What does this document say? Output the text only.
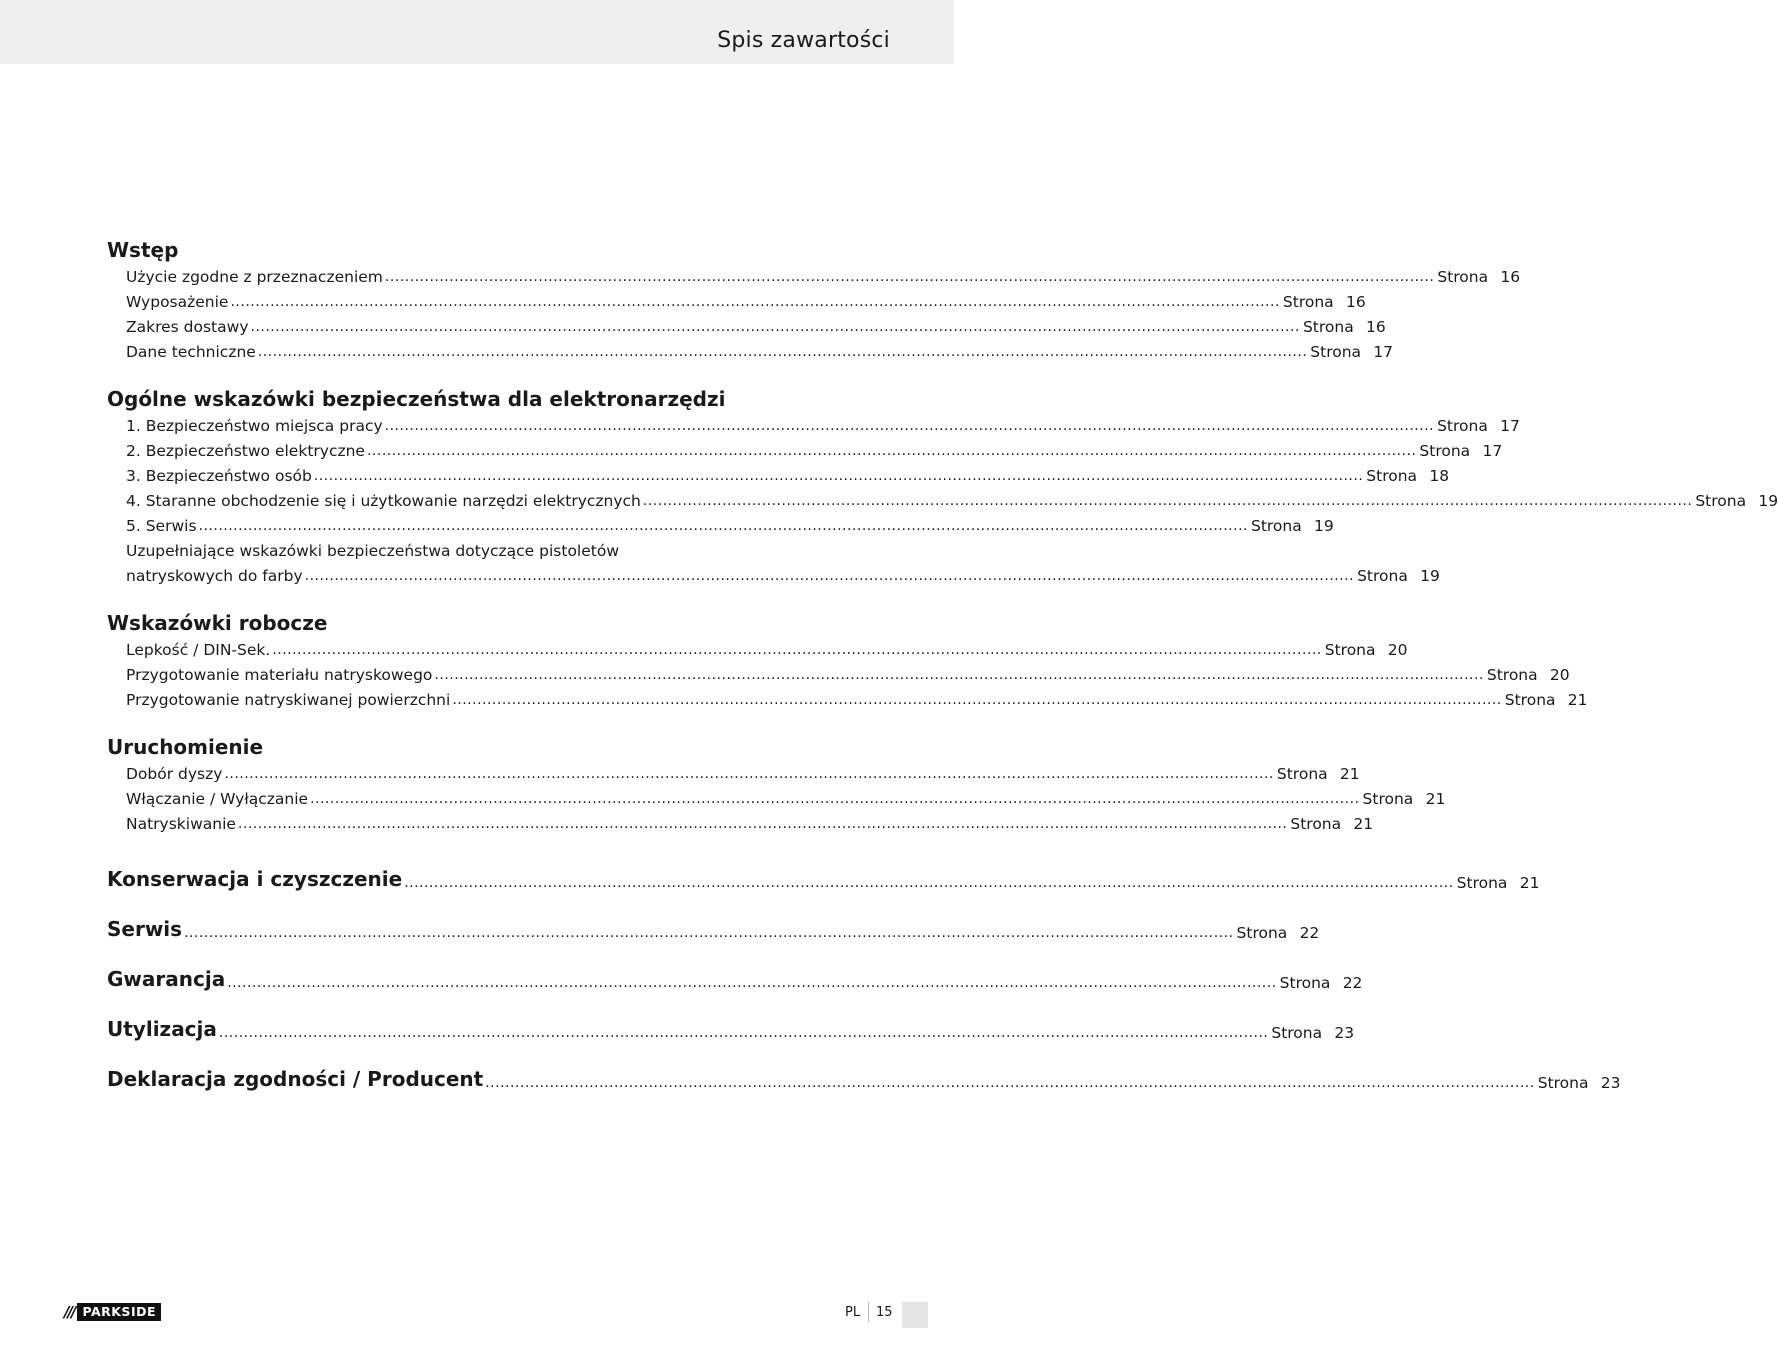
Spis zawartości
Wstęp
Użycie zgodne z przeznaczeniem .................................................................................................................................................................................................................... Strona 16
Wyposażenie .................................................................................................................................................................................................................... Strona 16
Zakres dostawy .................................................................................................................................................................................................................... Strona 16
Dane techniczne .................................................................................................................................................................................................................... Strona 17
Ogólne wskazówki bezpieczeństwa dla elektronarzędzi
1. Bezpieczeństwo miejsca pracy .................................................................................................................................................................................................................... Strona 17
2. Bezpieczeństwo elektryczne .................................................................................................................................................................................................................... Strona 17
3. Bezpieczeństwo osób .................................................................................................................................................................................................................... Strona 18
4. Staranne obchodzenie się i użytkowanie narzędzi elektrycznych .................................................................................................................................................................................................................... Strona 19
5. Serwis .................................................................................................................................................................................................................... Strona 19
Uzupełniające wskazówki bezpieczeństwa dotyczące pistoletów
natryskowych do farby .................................................................................................................................................................................................................... Strona 19
Wskazówki robocze
Lepkość / DIN-Sek. .................................................................................................................................................................................................................... Strona 20
Przygotowanie materiału natryskowego .................................................................................................................................................................................................................... Strona 20
Przygotowanie natryskiwanej powierzchni .................................................................................................................................................................................................................... Strona 21
Uruchomienie
Dobór dyszy .................................................................................................................................................................................................................... Strona 21
Włączanie / Wyłączanie .................................................................................................................................................................................................................... Strona 21
Natryskiwanie .................................................................................................................................................................................................................... Strona 21
Konserwacja i czyszczenie .................................................................................................................................................................................................................... Strona 21
Serwis .................................................................................................................................................................................................................... Strona 22
Gwarancja .................................................................................................................................................................................................................... Strona 22
Utylizacja .................................................................................................................................................................................................................... Strona 23
Deklaracja zgodności / Producent .................................................................................................................................................................................................................... Strona 23
/// PARKSIDE	PL 15
